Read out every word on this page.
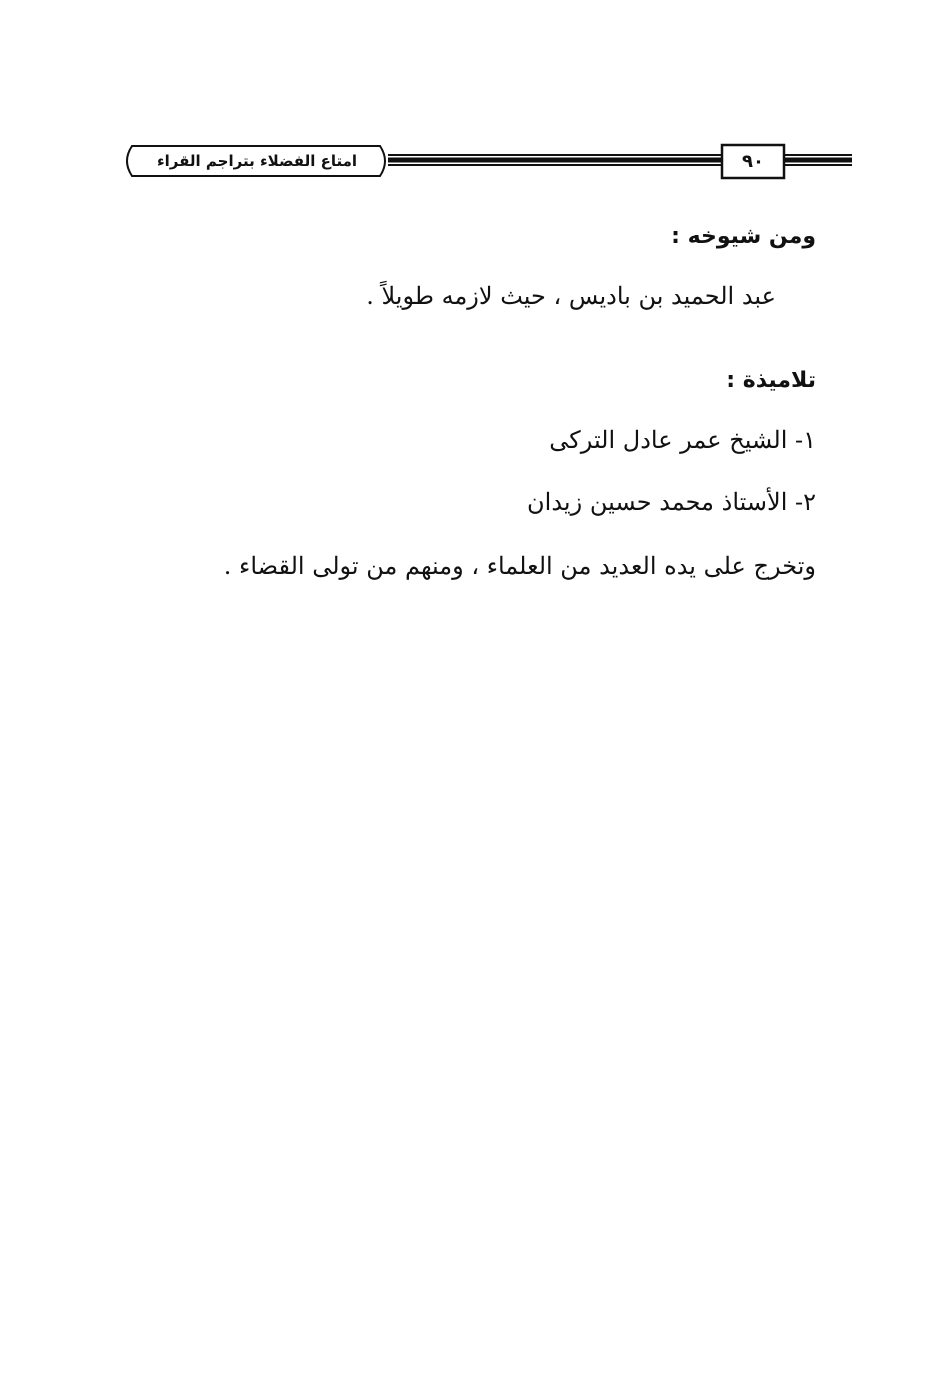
امتاع الفضلاء بتراجم القراء	٩٠

ومن شيوخه :

عبد الحميد بن باديس ، حيث لازمه طويلاً .

تلاميذة :

١- الشيخ عمر عادل التركى

٢- الأستاذ محمد حسين زيدان

وتخرج على يده العديد من العلماء ، ومنهم من تولى القضاء .
